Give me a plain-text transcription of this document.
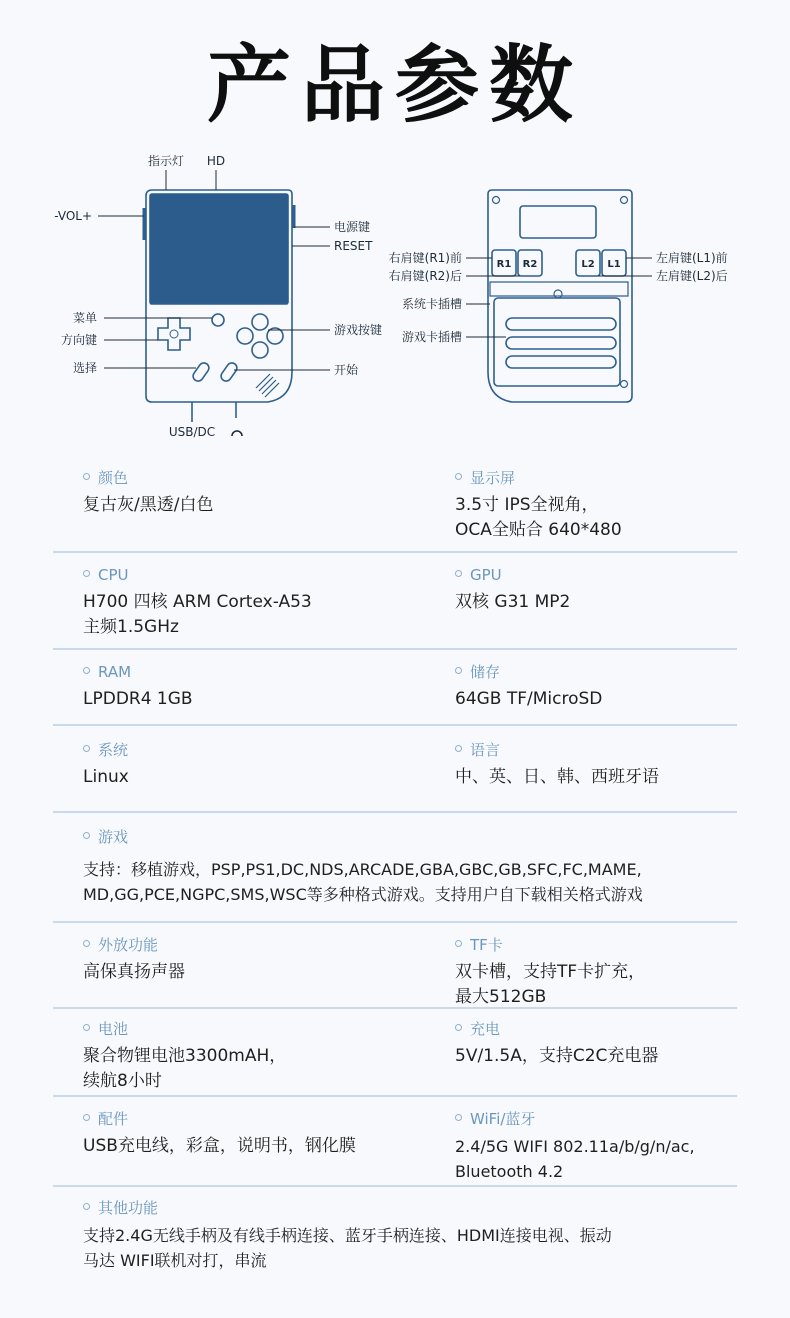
产品参数
指示灯 HD
-VOL+
电源键
RESET
菜单
方向键
选择
游戏按键
开始
USB/DC
R1 R2	L2 L1
右肩键(R1)前
右肩键(R2)后
左肩键(L1)前
左肩键(L2)后
系统卡插槽
游戏卡插槽
颜色
复古灰/黑透/白色
显示屏
3.5寸 IPS全视角，
OCA全贴合 640*480
CPU
H700 四核 ARM Cortex-A53
主频1.5GHz
GPU
双核 G31 MP2
RAM
LPDDR4 1GB
储存
64GB TF/MicroSD
系统
Linux
语言
中、英、日、韩、西班牙语
游戏
支持：移植游戏，PSP,PS1,DC,NDS,ARCADE,GBA,GBC,GB,SFC,FC,MAME,
MD,GG,PCE,NGPC,SMS,WSC等多种格式游戏。支持用户自下载相关格式游戏
外放功能
高保真扬声器
TF卡
双卡槽，支持TF卡扩充，
最大512GB
电池
聚合物锂电池3300mAH，
续航8小时
充电
5V/1.5A，支持C2C充电器
配件
USB充电线，彩盒，说明书，钢化膜
WiFi/蓝牙
2.4/5G WIFI 802.11a/b/g/n/ac,
Bluetooth 4.2
其他功能
支持2.4G无线手柄及有线手柄连接、蓝牙手柄连接、HDMI连接电视、振动
马达 WIFI联机对打，串流
